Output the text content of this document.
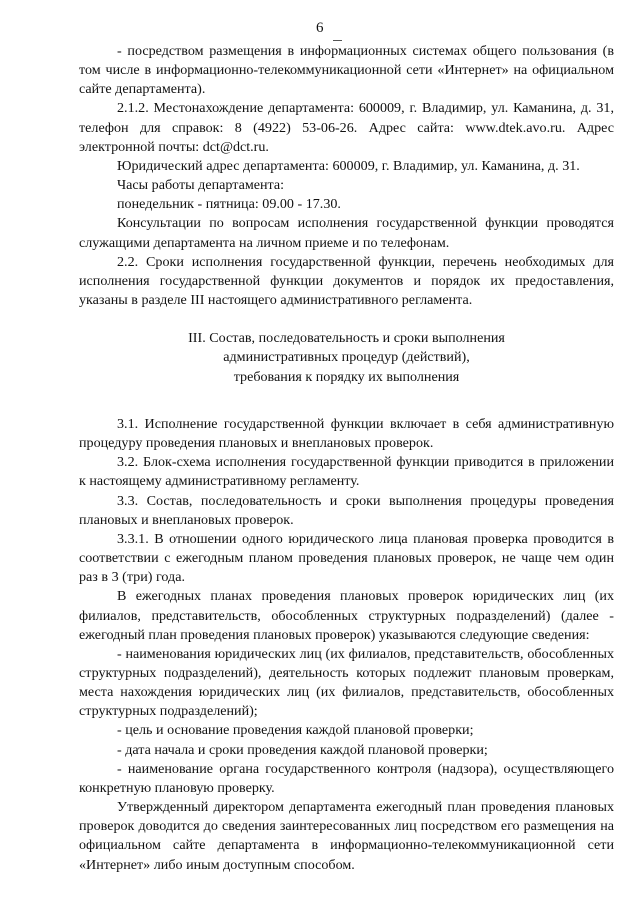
6

- посредством размещения в информационных системах общего пользования (в том числе в информационно-телекоммуникационной сети «Интернет» на официальном сайте департамента).

2.1.2. Местонахождение департамента: 600009, г. Владимир, ул. Каманина, д. 31, телефон для справок: 8 (4922) 53-06-26. Адрес сайта: www.dtek.avo.ru. Адрес электронной почты: dct@dct.ru.

Юридический адрес департамента: 600009, г. Владимир, ул. Каманина, д. 31.

Часы работы департамента:

понедельник - пятница: 09.00 - 17.30.

Консультации по вопросам исполнения государственной функции проводятся служащими департамента на личном приеме и по телефонам.

2.2. Сроки исполнения государственной функции, перечень необходимых для исполнения государственной функции документов и порядок их предоставления, указаны в разделе III настоящего административного регламента.

III. Состав, последовательность и сроки выполнения
административных процедур (действий),
требования к порядку их выполнения

3.1. Исполнение государственной функции включает в себя административную процедуру проведения плановых и внеплановых проверок.

3.2. Блок-схема исполнения государственной функции приводится в приложении к настоящему административному регламенту.

3.3. Состав, последовательность и сроки выполнения процедуры проведения плановых и внеплановых проверок.

3.3.1. В отношении одного юридического лица плановая проверка проводится в соответствии с ежегодным планом проведения плановых проверок, не чаще чем один раз в 3 (три) года.

В ежегодных планах проведения плановых проверок юридических лиц (их филиалов, представительств, обособленных структурных подразделений) (далее - ежегодный план проведения плановых проверок) указываются следующие сведения:

- наименования юридических лиц (их филиалов, представительств, обособленных структурных подразделений), деятельность которых подлежит плановым проверкам, места нахождения юридических лиц (их филиалов, представительств, обособленных структурных подразделений);

- цель и основание проведения каждой плановой проверки;

- дата начала и сроки проведения каждой плановой проверки;

- наименование органа государственного контроля (надзора), осуществляющего конкретную плановую проверку.

Утвержденный директором департамента ежегодный план проведения плановых проверок доводится до сведения заинтересованных лиц посредством его размещения на официальном сайте департамента в информационно-телекоммуникационной сети «Интернет» либо иным доступным способом.
